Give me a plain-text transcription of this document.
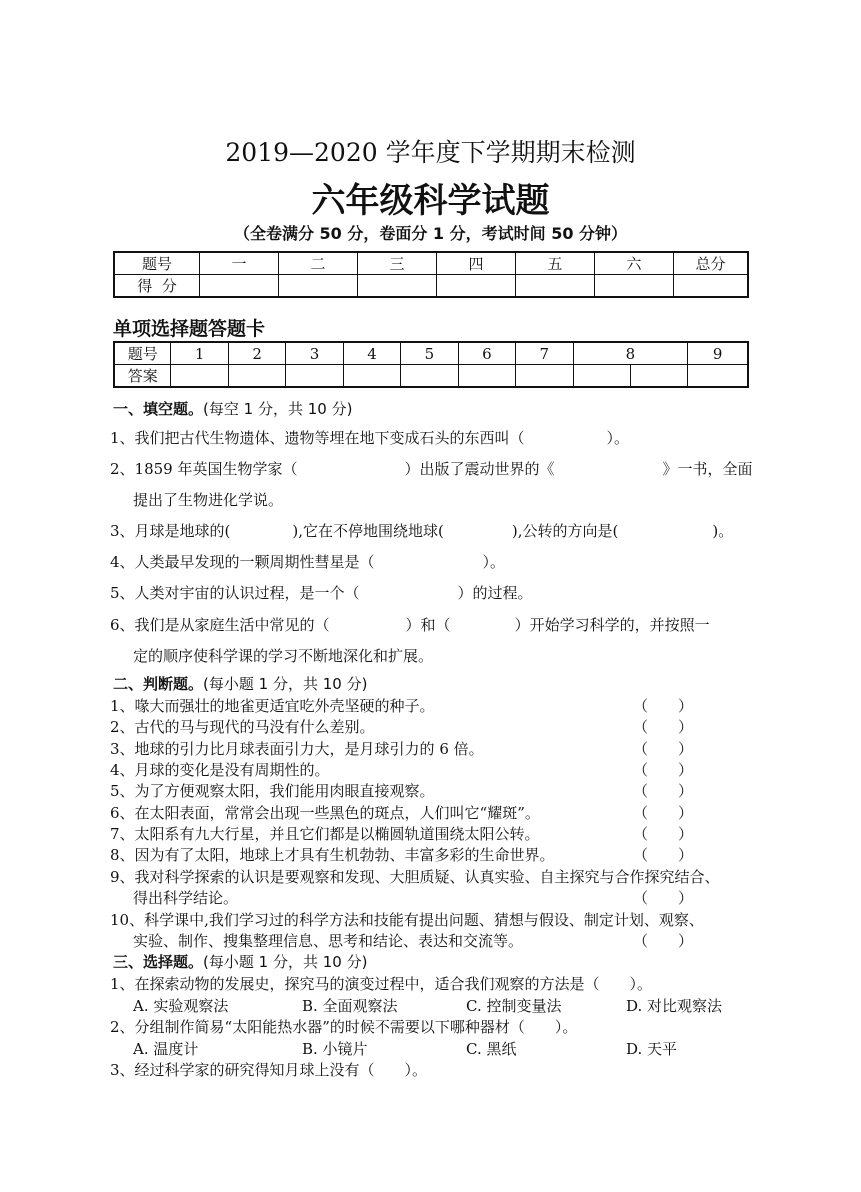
2019—2020 学年度下学期期末检测
六年级科学试题
（全卷满分 50 分，卷面分 1 分，考试时间 50 分钟）
题号	一	二	三	四	五	六	总分
得  分							
单项选择题答题卡
题号	1	2	3	4	5	6	7	8		9
答案										
一、填空题。(每空 1 分，共 10 分)
1、我们把古代生物遗体、遗物等埋在地下变成石头的东西叫（	）。
2、1859 年英国生物学家（	）出版了震动世界的《	》一书，全面
提出了生物进化学说。
3、月球是地球的(	),它在不停地围绕地球(	),公转的方向是(	)。
4、人类最早发现的一颗周期性彗星是（	）。
5、人类对宇宙的认识过程，是一个（	）的过程。
6、我们是从家庭生活中常见的（	）和（	）开始学习科学的，并按照一
定的顺序使科学课的学习不断地深化和扩展。
二、判断题。(每小题 1 分，共 10 分)
1、喙大而强壮的地雀更适宜吃外壳坚硬的种子。	（　　）
2、古代的马与现代的马没有什么差别。	（　　）
3、地球的引力比月球表面引力大，是月球引力的 6 倍。	（　　）
4、月球的变化是没有周期性的。	（　　）
5、为了方便观察太阳，我们能用肉眼直接观察。	（　　）
6、在太阳表面，常常会出现一些黑色的斑点，人们叫它“耀斑”。	（　　）
7、太阳系有九大行星，并且它们都是以椭圆轨道围绕太阳公转。	（　　）
8、因为有了太阳，地球上才具有生机勃勃、丰富多彩的生命世界。	（　　）
9、我对科学探索的认识是要观察和发现、大胆质疑、认真实验、自主探究与合作探究结合、
得出科学结论。	（　　）
10、科学课中,我们学习过的科学方法和技能有提出问题、猜想与假设、制定计划、观察、
实验、制作、搜集整理信息、思考和结论、表达和交流等。	（　　）
三、选择题。(每小题 1 分，共 10 分)
1、在探索动物的发展史，探究马的演变过程中，适合我们观察的方法是（　　）。
A. 实验观察法	B. 全面观察法	C. 控制变量法	D. 对比观察法
2、分组制作简易“太阳能热水器”的时候不需要以下哪种器材（　　）。
A. 温度计	B. 小镜片	C. 黑纸	D. 天平
3、经过科学家的研究得知月球上没有（　　）。
